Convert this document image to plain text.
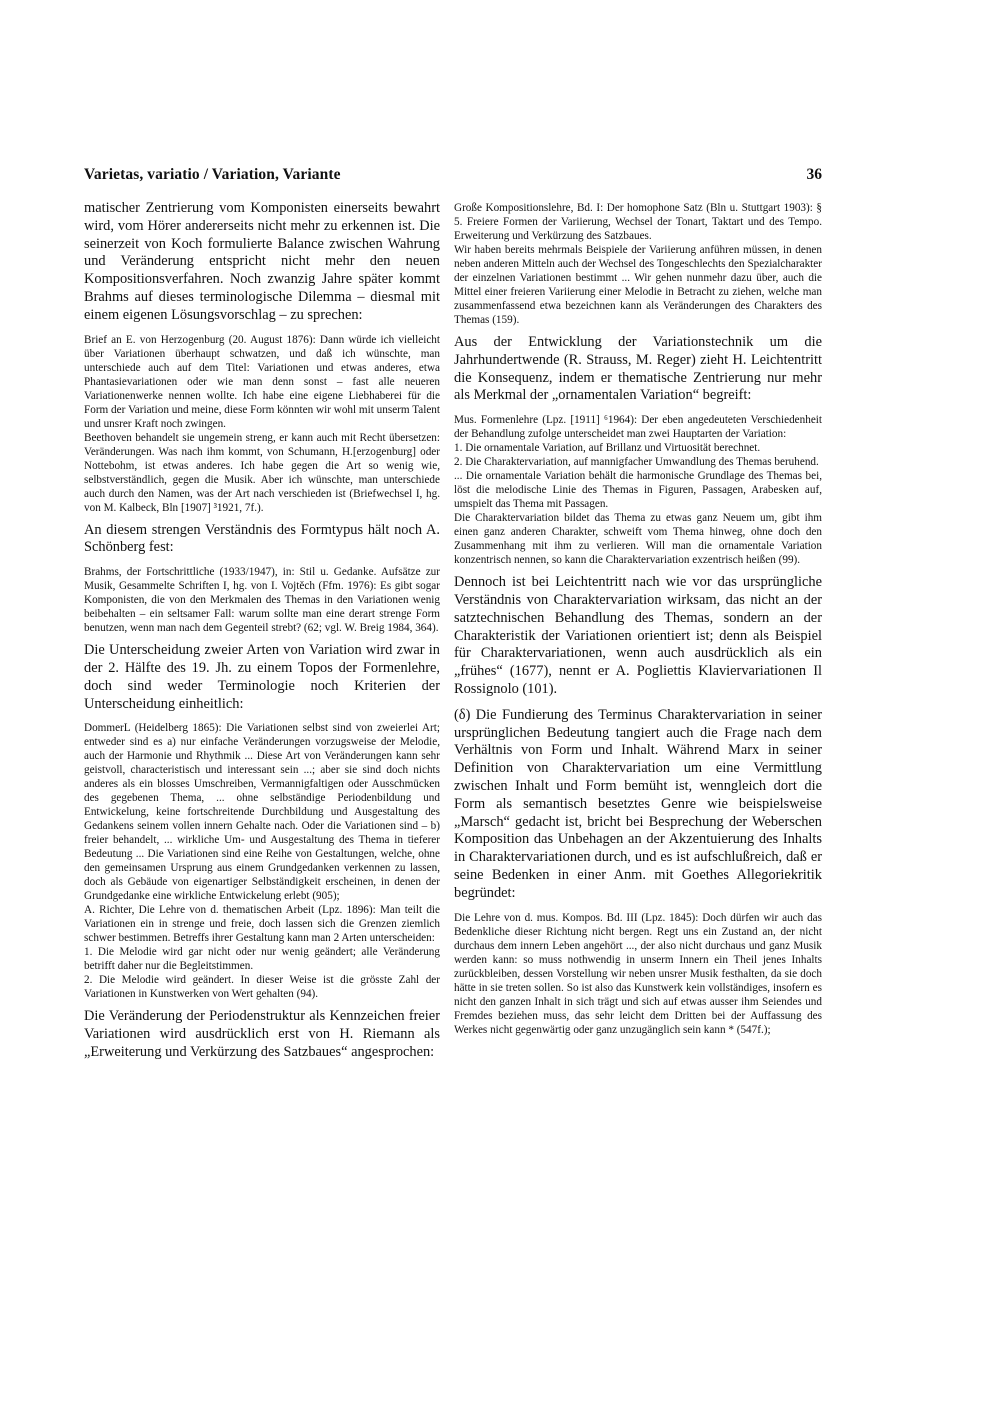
Varietas, variatio / Variation, Variante	36

matischer Zentrierung vom Komponisten einerseits bewahrt wird, vom Hörer andererseits nicht mehr zu erkennen ist. Die seinerzeit von Koch formulierte Balance zwischen Wahrung und Veränderung entspricht nicht mehr den neuen Kompositionsverfahren. Noch zwanzig Jahre später kommt Brahms auf dieses terminologische Dilemma – diesmal mit einem eigenen Lösungsvorschlag – zu sprechen:

Brief an E. von Herzogenburg (20. August 1876): Dann würde ich vielleicht über Variationen überhaupt schwatzen, und daß ich wünschte, man unterschiede auch auf dem Titel: Variationen und etwas anderes, etwa Phantasievariationen oder wie man denn sonst – fast alle neueren Variationenwerke nennen wollte. Ich habe eine eigene Liebhaberei für die Form der Variation und meine, diese Form könnten wir wohl mit unserm Talent und unsrer Kraft noch zwingen.

Beethoven behandelt sie ungemein streng, er kann auch mit Recht übersetzen: Veränderungen. Was nach ihm kommt, von Schumann, H.[erzogenburg] oder Nottebohm, ist etwas anderes. Ich habe gegen die Art so wenig wie, selbstverständlich, gegen die Musik. Aber ich wünschte, man unterschiede auch durch den Namen, was der Art nach verschieden ist (Briefwechsel I, hg. von M. Kalbeck, Bln [1907] ³1921, 7f.).

An diesem strengen Verständnis des Formtypus hält noch A. Schönberg fest:

Brahms, der Fortschrittliche (1933/1947), in: Stil u. Gedanke. Aufsätze zur Musik, Gesammelte Schriften I, hg. von I. Vojtěch (Ffm. 1976): Es gibt sogar Komponisten, die von den Merkmalen des Themas in den Variationen wenig beibehalten – ein seltsamer Fall: warum sollte man eine derart strenge Form benutzen, wenn man nach dem Gegenteil strebt? (62; vgl. W. Breig 1984, 364).

Die Unterscheidung zweier Arten von Variation wird zwar in der 2. Hälfte des 19. Jh. zu einem Topos der Formenlehre, doch sind weder Terminologie noch Kriterien der Unterscheidung einheitlich:

DommerL (Heidelberg 1865): Die Variationen selbst sind von zweierlei Art; entweder sind es a) nur einfache Veränderungen vorzugsweise der Melodie, auch der Harmonie und Rhythmik ... Diese Art von Veränderungen kann sehr geistvoll, characteristisch und interessant sein ...; aber sie sind doch nichts anderes als ein blosses Umschreiben, Vermannigfaltigen oder Ausschmücken des gegebenen Thema, ... ohne selbständige Periodenbildung und Entwickelung, keine fortschreitende Durchbildung und Ausgestaltung des Gedankens seinem vollen innern Gehalte nach. Oder die Variationen sind – b) freier behandelt, ... wirkliche Um- und Ausgestaltung des Thema in tieferer Bedeutung ... Die Variationen sind eine Reihe von Gestaltungen, welche, ohne den gemeinsamen Ursprung aus einem Grundgedanken verkennen zu lassen, doch als Gebäude von eigenartiger Selbständigkeit erscheinen, in denen der Grundgedanke eine wirkliche Entwickelung erlebt (905);

A. Richter, Die Lehre von d. thematischen Arbeit (Lpz. 1896): Man teilt die Variationen ein in strenge und freie, doch lassen sich die Grenzen ziemlich schwer bestimmen. Betreffs ihrer Gestaltung kann man 2 Arten unterscheiden:

1. Die Melodie wird gar nicht oder nur wenig geändert; alle Veränderung betrifft daher nur die Begleitstimmen.

2. Die Melodie wird geändert. In dieser Weise ist die grösste Zahl der Variationen in Kunstwerken von Wert gehalten (94).

Die Veränderung der Periodenstruktur als Kennzeichen freier Variationen wird ausdrücklich erst von H. Riemann als „Erweiterung und Verkürzung des Satzbaues“ angesprochen:

Große Kompositionslehre, Bd. I: Der homophone Satz (Bln u. Stuttgart 1903): § 5. Freiere Formen der Variierung, Wechsel der Tonart, Taktart und des Tempo. Erweiterung und Verkürzung des Satzbaues.

Wir haben bereits mehrmals Beispiele der Variierung anführen müssen, in denen neben anderen Mitteln auch der Wechsel des Tongeschlechts den Spezialcharakter der einzelnen Variationen bestimmt ... Wir gehen nunmehr dazu über, auch die Mittel einer freieren Variierung einer Melodie in Betracht zu ziehen, welche man zusammenfassend etwa bezeichnen kann als Veränderungen des Charakters des Themas (159).

Aus der Entwicklung der Variationstechnik um die Jahrhundertwende (R. Strauss, M. Reger) zieht H. Leichtentritt die Konsequenz, indem er thematische Zentrierung nur mehr als Merkmal der „ornamentalen Variation“ begreift:

Mus. Formenlehre (Lpz. [1911] ⁶1964): Der eben angedeuteten Verschiedenheit der Behandlung zufolge unterscheidet man zwei Hauptarten der Variation:

1. Die ornamentale Variation, auf Brillanz und Virtuosität berechnet.

2. Die Charaktervariation, auf mannigfacher Umwandlung des Themas beruhend.

... Die ornamentale Variation behält die harmonische Grundlage des Themas bei, löst die melodische Linie des Themas in Figuren, Passagen, Arabesken auf, umspielt das Thema mit Passagen.

Die Charaktervariation bildet das Thema zu etwas ganz Neuem um, gibt ihm einen ganz anderen Charakter, schweift vom Thema hinweg, ohne doch den Zusammenhang mit ihm zu verlieren. Will man die ornamentale Variation konzentrisch nennen, so kann die Charaktervariation exzentrisch heißen (99).

Dennoch ist bei Leichtentritt nach wie vor das ursprüngliche Verständnis von Charaktervariation wirksam, das nicht an der satztechnischen Behandlung des Themas, sondern an der Charakteristik der Variationen orientiert ist; denn als Beispiel für Charaktervariationen, wenn auch ausdrücklich als ein „frühes“ (1677), nennt er A. Pogliettis Klaviervariationen Il Rossignolo (101).

(δ) Die Fundierung des Terminus Charaktervariation in seiner ursprünglichen Bedeutung tangiert auch die Frage nach dem Verhältnis von Form und Inhalt. Während Marx in seiner Definition von Charaktervariation um eine Vermittlung zwischen Inhalt und Form bemüht ist, wenngleich dort die Form als semantisch besetztes Genre wie beispielsweise „Marsch“ gedacht ist, bricht bei Besprechung der Weberschen Komposition das Unbehagen an der Akzentuierung des Inhalts in Charaktervariationen durch, und es ist aufschlußreich, daß er seine Bedenken in einer Anm. mit Goethes Allegoriekritik begründet:

Die Lehre von d. mus. Kompos. Bd. III (Lpz. 1845): Doch dürfen wir auch das Bedenkliche dieser Richtung nicht bergen. Regt uns ein Zustand an, der nicht durchaus dem innern Leben angehört ..., der also nicht durchaus und ganz Musik werden kann: so muss nothwendig in unserm Innern ein Theil jenes Inhalts zurückbleiben, dessen Vorstellung wir neben unsrer Musik festhalten, da sie doch hätte in sie treten sollen. So ist also das Kunstwerk kein vollständiges, insofern es nicht den ganzen Inhalt in sich trägt und sich auf etwas ausser ihm Seiendes und Fremdes beziehen muss, das sehr leicht dem Dritten bei der Auffassung des Werkes nicht gegenwärtig oder ganz unzugänglich sein kann * (547f.);
